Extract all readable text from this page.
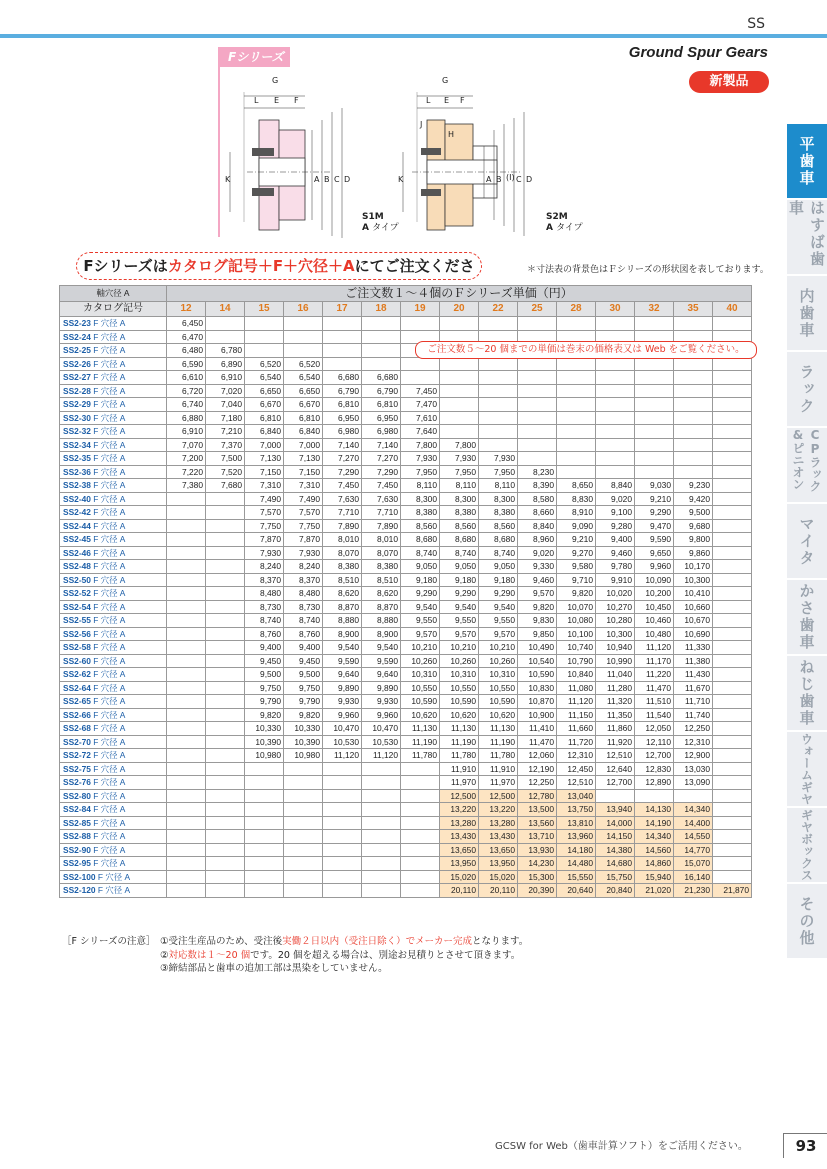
SS
Ground Spur Gears
新製品
Fシリーズ
G
L E F
K	A B C D
G
L E F
K	A B (I) C D
H
J
S1M
A タイプ
S2M
A タイプ
Fシリーズはカタログ記号＋F＋穴径＋Aにてご注文くださ	＊寸法表の背景色はＦシリーズの形状図を表しております。
平歯車
はすば歯車
内歯車
ラック
CPラック&ピニオン
マイタ
かさ歯車
ねじ歯車
ウォームギヤ
ギヤボックス
その他
軸穴径 A	ご注文数１～４個のＦシリーズ単価（円）														
カタログ記号	12	14	15	16	17	18	19	20	22	25	28	30	32	35	40
SS2-23 F 穴径 A	6,450														
SS2-24 F 穴径 A	6,470														
SS2-25 F 穴径 A	6,480	6,780													
SS2-26 F 穴径 A	6,590	6,890	6,520	6,520											
SS2-27 F 穴径 A	6,610	6,910	6,540	6,540	6,680	6,680									
SS2-28 F 穴径 A	6,720	7,020	6,650	6,650	6,790	6,790	7,450								
SS2-29 F 穴径 A	6,740	7,040	6,670	6,670	6,810	6,810	7,470								
SS2-30 F 穴径 A	6,880	7,180	6,810	6,810	6,950	6,950	7,610								
SS2-32 F 穴径 A	6,910	7,210	6,840	6,840	6,980	6,980	7,640								
SS2-34 F 穴径 A	7,070	7,370	7,000	7,000	7,140	7,140	7,800	7,800							
SS2-35 F 穴径 A	7,200	7,500	7,130	7,130	7,270	7,270	7,930	7,930	7,930						
SS2-36 F 穴径 A	7,220	7,520	7,150	7,150	7,290	7,290	7,950	7,950	7,950	8,230					
SS2-38 F 穴径 A	7,380	7,680	7,310	7,310	7,450	7,450	8,110	8,110	8,110	8,390	8,650	8,840	9,030	9,230	
SS2-40 F 穴径 A			7,490	7,490	7,630	7,630	8,300	8,300	8,300	8,580	8,830	9,020	9,210	9,420	
SS2-42 F 穴径 A			7,570	7,570	7,710	7,710	8,380	8,380	8,380	8,660	8,910	9,100	9,290	9,500	
SS2-44 F 穴径 A			7,750	7,750	7,890	7,890	8,560	8,560	8,560	8,840	9,090	9,280	9,470	9,680	
SS2-45 F 穴径 A			7,870	7,870	8,010	8,010	8,680	8,680	8,680	8,960	9,210	9,400	9,590	9,800	
SS2-46 F 穴径 A			7,930	7,930	8,070	8,070	8,740	8,740	8,740	9,020	9,270	9,460	9,650	9,860	
SS2-48 F 穴径 A			8,240	8,240	8,380	8,380	9,050	9,050	9,050	9,330	9,580	9,780	9,960	10,170	
SS2-50 F 穴径 A			8,370	8,370	8,510	8,510	9,180	9,180	9,180	9,460	9,710	9,910	10,090	10,300	
SS2-52 F 穴径 A			8,480	8,480	8,620	8,620	9,290	9,290	9,290	9,570	9,820	10,020	10,200	10,410	
SS2-54 F 穴径 A			8,730	8,730	8,870	8,870	9,540	9,540	9,540	9,820	10,070	10,270	10,450	10,660	
SS2-55 F 穴径 A			8,740	8,740	8,880	8,880	9,550	9,550	9,550	9,830	10,080	10,280	10,460	10,670	
SS2-56 F 穴径 A			8,760	8,760	8,900	8,900	9,570	9,570	9,570	9,850	10,100	10,300	10,480	10,690	
SS2-58 F 穴径 A			9,400	9,400	9,540	9,540	10,210	10,210	10,210	10,490	10,740	10,940	11,120	11,330	
SS2-60 F 穴径 A			9,450	9,450	9,590	9,590	10,260	10,260	10,260	10,540	10,790	10,990	11,170	11,380	
SS2-62 F 穴径 A			9,500	9,500	9,640	9,640	10,310	10,310	10,310	10,590	10,840	11,040	11,220	11,430	
SS2-64 F 穴径 A			9,750	9,750	9,890	9,890	10,550	10,550	10,550	10,830	11,080	11,280	11,470	11,670	
SS2-65 F 穴径 A			9,790	9,790	9,930	9,930	10,590	10,590	10,590	10,870	11,120	11,320	11,510	11,710	
SS2-66 F 穴径 A			9,820	9,820	9,960	9,960	10,620	10,620	10,620	10,900	11,150	11,350	11,540	11,740	
SS2-68 F 穴径 A			10,330	10,330	10,470	10,470	11,130	11,130	11,130	11,410	11,660	11,860	12,050	12,250	
SS2-70 F 穴径 A			10,390	10,390	10,530	10,530	11,190	11,190	11,190	11,470	11,720	11,920	12,110	12,310	
SS2-72 F 穴径 A			10,980	10,980	11,120	11,120	11,780	11,780	11,780	12,060	12,310	12,510	12,700	12,900	
SS2-75 F 穴径 A								11,910	11,910	12,190	12,450	12,640	12,830	13,030	
SS2-76 F 穴径 A								11,970	11,970	12,250	12,510	12,700	12,890	13,090	
SS2-80 F 穴径 A								12,500	12,500	12,780	13,040				
SS2-84 F 穴径 A								13,220	13,220	13,500	13,750	13,940	14,130	14,340	
SS2-85 F 穴径 A								13,280	13,280	13,560	13,810	14,000	14,190	14,400	
SS2-88 F 穴径 A								13,430	13,430	13,710	13,960	14,150	14,340	14,550	
SS2-90 F 穴径 A								13,650	13,650	13,930	14,180	14,380	14,560	14,770	
SS2-95 F 穴径 A								13,950	13,950	14,230	14,480	14,680	14,860	15,070	
SS2-100 F 穴径 A								15,020	15,020	15,300	15,550	15,750	15,940	16,140	
SS2-120 F 穴径 A								20,110	20,110	20,390	20,640	20,840	21,020	21,230	21,870
ご注文数５～20 個までの単価は巻末の価格表又は Web をご覧ください。
［F シリーズの注意］ ①受注生産品のため、受注後実働２日以内（受注日除く）でメーカー完成となります。
②対応数は１～20 個です。20 個を超える場合は、別途お見積りとさせて頂きます。
③締結部品と歯車の追加工部は黒染をしていません。
GCSW for Web（歯車計算ソフト）をご活用ください。	93
